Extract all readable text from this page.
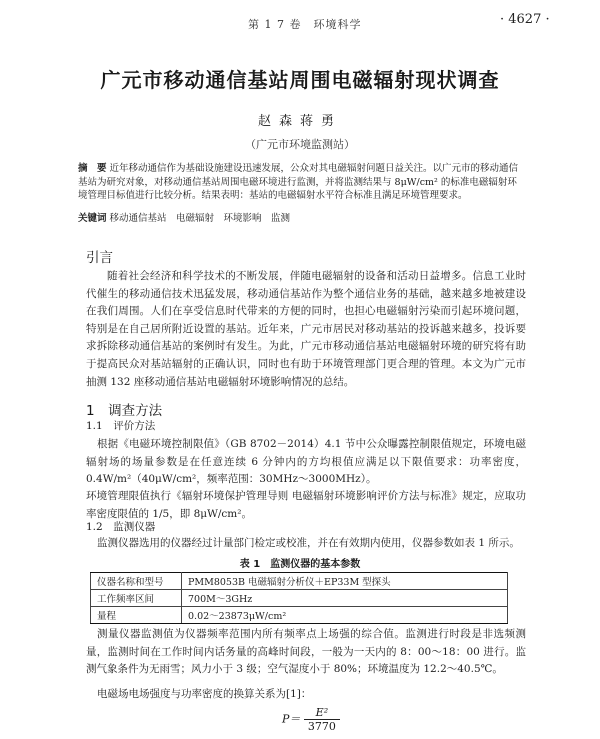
第 1 7 卷　环境科学	· 4627 ·
广元市移动通信基站周围电磁辐射现状调查
赵森蒋勇
（广元市环境监测站）
摘　要 近年移动通信作为基础设施建设迅速发展，公众对其电磁辐射问题日益关注。以广元市的移动通信基站为研究对象，对移动通信基站周围电磁环境进行监测，并将监测结果与 8μW/cm² 的标准电磁辐射环境管理目标值进行比较分析。结果表明：基站的电磁辐射水平符合标准且满足环境管理要求。
关键词 移动通信基站　电磁辐射　环境影响　监测
引言
随着社会经济和科学技术的不断发展，伴随电磁辐射的设备和活动日益增多。信息工业时代催生的移动通信技术迅猛发展，移动通信基站作为整个通信业务的基础，越来越多地被建设在我们周围。人们在享受信息时代带来的方便的同时，也担心电磁辐射污染而引起环境问题，特别是在自己居所附近设置的基站。近年来，广元市居民对移动基站的投诉越来越多，投诉要求拆除移动通信基站的案例时有发生。为此，广元市移动通信基站电磁辐射环境的研究将有助于提高民众对基站辐射的正确认识，同时也有助于环境管理部门更合理的管理。本文为广元市抽测 132 座移动通信基站电磁辐射环境影响情况的总结。
1　调查方法
1.1　评价方法
根据《电磁环境控制限值》（GB 8702－2014）4.1 节中公众曝露控制限值规定，环境电磁辐射场的场量参数是在任意连续 6 分钟内的方均根值应满足以下限值要求：功率密度，0.4W/m²（40μW/cm²，频率范围：30MHz～3000MHz）。
环境管理限值执行《辐射环境保护管理导则 电磁辐射环境影响评价方法与标准》规定，应取功率密度限值的 1/5，即 8μW/cm²。
1.2　监测仪器
监测仪器选用的仪器经过计量部门检定或校准，并在有效期内使用，仪器参数如表 1 所示。
表 1　监测仪器的基本参数
仪器名称和型号	PMM8053B 电磁辐射分析仪＋EP33M 型探头
工作频率区间	700M～3GHz
量程	0.02～23873μW/cm²
测量仪器监测值为仪器频率范围内所有频率点上场强的综合值。监测进行时段是非选频测量，监测时间在工作时间内话务量的高峰时间段，一般为一天内的 8：00～18：00 进行。监测气象条件为无雨雪；风力小于 3 级；空气湿度小于 80%；环境温度为 12.2～40.5℃。
电磁场电场强度与功率密度的换算关系为[1]：
$P= \frac{\text{E²}}{3770}$
